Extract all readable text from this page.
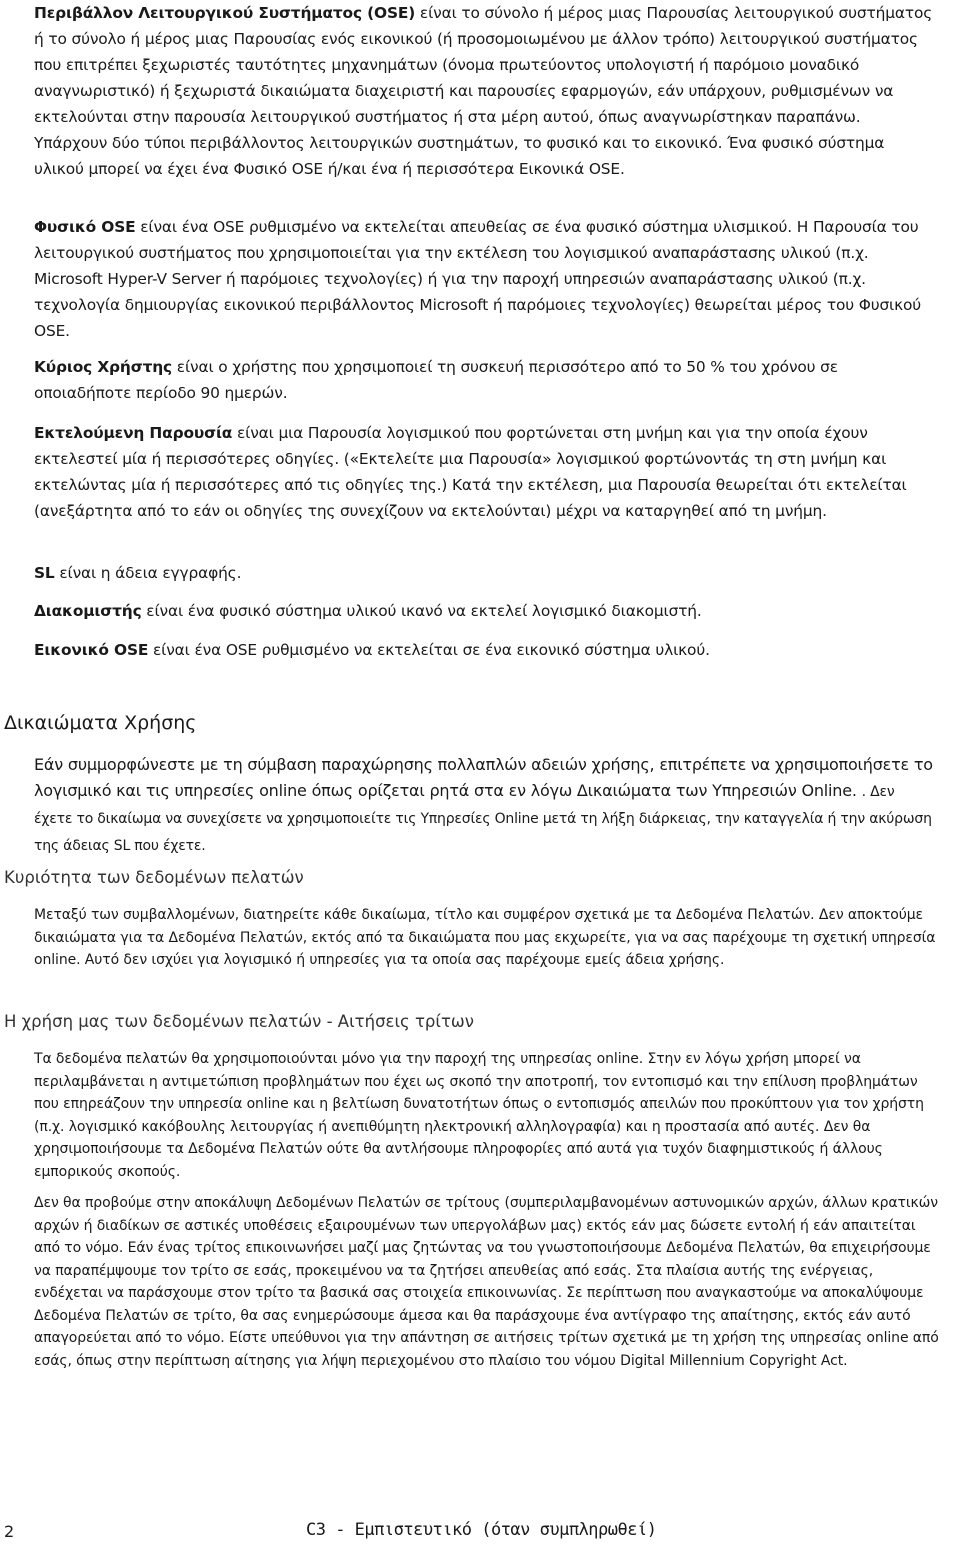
Περιβάλλον Λειτουργικού Συστήματος (OSE) είναι το σύνολο ή μέρος μιας Παρουσίας λειτουργικού συστήματος ή το σύνολο ή μέρος μιας Παρουσίας ενός εικονικού (ή προσομοιωμένου με άλλον τρόπο) λειτουργικού συστήματος που επιτρέπει ξεχωριστές ταυτότητες μηχανημάτων (όνομα πρωτεύοντος υπολογιστή ή παρόμοιο μοναδικό αναγνωριστικό) ή ξεχωριστά δικαιώματα διαχειριστή και παρουσίες εφαρμογών, εάν υπάρχουν, ρυθμισμένων να εκτελούνται στην παρουσία λειτουργικού συστήματος ή στα μέρη αυτού, όπως αναγνωρίστηκαν παραπάνω. Υπάρχουν δύο τύποι περιβάλλοντος λειτουργικών συστημάτων, το φυσικό και το εικονικό. Ένα φυσικό σύστημα υλικού μπορεί να έχει ένα Φυσικό OSE ή/και ένα ή περισσότερα Εικονικά OSE.

Φυσικό OSE είναι ένα OSE ρυθμισμένο να εκτελείται απευθείας σε ένα φυσικό σύστημα υλισμικού. Η Παρουσία του λειτουργικού συστήματος που χρησιμοποιείται για την εκτέλεση του λογισμικού αναπαράστασης υλικού (π.χ. Microsoft Hyper-V Server ή παρόμοιες τεχνολογίες) ή για την παροχή υπηρεσιών αναπαράστασης υλικού (π.χ. τεχνολογία δημιουργίας εικονικού περιβάλλοντος Microsoft ή παρόμοιες τεχνολογίες) θεωρείται μέρος του Φυσικού OSE.

Κύριος Χρήστης είναι ο χρήστης που χρησιμοποιεί τη συσκευή περισσότερο από το 50 % του χρόνου σε οποιαδήποτε περίοδο 90 ημερών.

Εκτελούμενη Παρουσία είναι μια Παρουσία λογισμικού που φορτώνεται στη μνήμη και για την οποία έχουν εκτελεστεί μία ή περισσότερες οδηγίες. («Εκτελείτε μια Παρουσία» λογισμικού φορτώνοντάς τη στη μνήμη και εκτελώντας μία ή περισσότερες από τις οδηγίες της.) Κατά την εκτέλεση, μια Παρουσία θεωρείται ότι εκτελείται (ανεξάρτητα από το εάν οι οδηγίες της συνεχίζουν να εκτελούνται) μέχρι να καταργηθεί από τη μνήμη.

SL είναι η άδεια εγγραφής.

Διακομιστής είναι ένα φυσικό σύστημα υλικού ικανό να εκτελεί λογισμικό διακομιστή.

Εικονικό OSE είναι ένα OSE ρυθμισμένο να εκτελείται σε ένα εικονικό σύστημα υλικού.

Δικαιώματα Χρήσης

Εάν συμμορφώνεστε με τη σύμβαση παραχώρησης πολλαπλών αδειών χρήσης, επιτρέπετε να χρησιμοποιήσετε το λογισμικό και τις υπηρεσίες online όπως ορίζεται ρητά στα εν λόγω Δικαιώματα των Υπηρεσιών Online. . Δεν έχετε το δικαίωμα να συνεχίσετε να χρησιμοποιείτε τις Υπηρεσίες Online μετά τη λήξη διάρκειας, την καταγγελία ή την ακύρωση της άδειας SL που έχετε.

Κυριότητα των δεδομένων πελατών

Μεταξύ των συμβαλλομένων, διατηρείτε κάθε δικαίωμα, τίτλο και συμφέρον σχετικά με τα Δεδομένα Πελατών. Δεν αποκτούμε δικαιώματα για τα Δεδομένα Πελατών, εκτός από τα δικαιώματα που μας εκχωρείτε, για να σας παρέχουμε τη σχετική υπηρεσία online. Αυτό δεν ισχύει για λογισμικό ή υπηρεσίες για τα οποία σας παρέχουμε εμείς άδεια χρήσης.

Η χρήση μας των δεδομένων πελατών - Αιτήσεις τρίτων

Τα δεδομένα πελατών θα χρησιμοποιούνται μόνο για την παροχή της υπηρεσίας online. Στην εν λόγω χρήση μπορεί να περιλαμβάνεται η αντιμετώπιση προβλημάτων που έχει ως σκοπό την αποτροπή, τον εντοπισμό και την επίλυση προβλημάτων που επηρεάζουν την υπηρεσία online και η βελτίωση δυνατοτήτων όπως ο εντοπισμός απειλών που προκύπτουν για τον χρήστη (π.χ. λογισμικό κακόβουλης λειτουργίας ή ανεπιθύμητη ηλεκτρονική αλληλογραφία) και η προστασία από αυτές. Δεν θα χρησιμοποιήσουμε τα Δεδομένα Πελατών ούτε θα αντλήσουμε πληροφορίες από αυτά για τυχόν διαφημιστικούς ή άλλους εμπορικούς σκοπούς.

Δεν θα προβούμε στην αποκάλυψη Δεδομένων Πελατών σε τρίτους (συμπεριλαμβανομένων αστυνομικών αρχών, άλλων κρατικών αρχών ή διαδίκων σε αστικές υποθέσεις εξαιρουμένων των υπεργολάβων μας) εκτός εάν μας δώσετε εντολή ή εάν απαιτείται από το νόμο. Εάν ένας τρίτος επικοινωνήσει μαζί μας ζητώντας να του γνωστοποιήσουμε Δεδομένα Πελατών, θα επιχειρήσουμε να παραπέμψουμε τον τρίτο σε εσάς, προκειμένου να τα ζητήσει απευθείας από εσάς. Στα πλαίσια αυτής της ενέργειας, ενδέχεται να παράσχουμε στον τρίτο τα βασικά σας στοιχεία επικοινωνίας. Σε περίπτωση που αναγκαστούμε να αποκαλύψουμε Δεδομένα Πελατών σε τρίτο, θα σας ενημερώσουμε άμεσα και θα παράσχουμε ένα αντίγραφο της απαίτησης, εκτός εάν αυτό απαγορεύεται από το νόμο. Είστε υπεύθυνοι για την απάντηση σε αιτήσεις τρίτων σχετικά με τη χρήση της υπηρεσίας online από εσάς, όπως στην περίπτωση αίτησης για λήψη περιεχομένου στο πλαίσιο του νόμου Digital Millennium Copyright Act.

2	C3 - Εμπιστευτικό (όταν συμπληρωθεί)
